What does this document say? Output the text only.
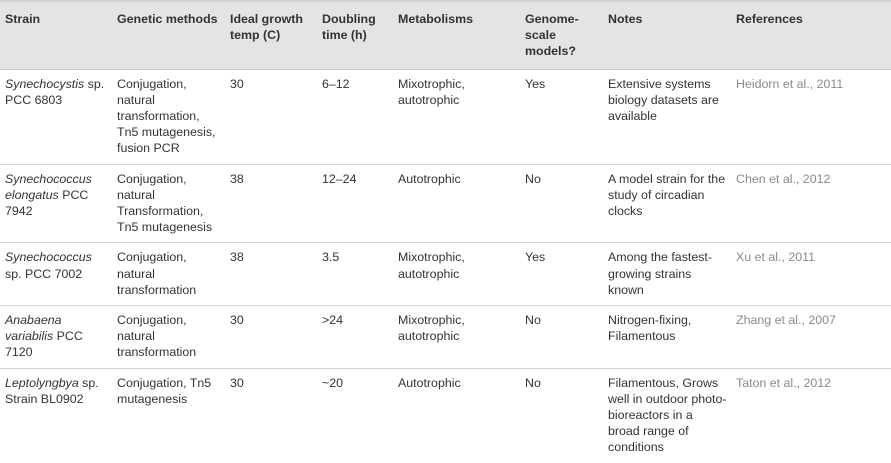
Strain	Genetic methods	Ideal growth temp (C)	Doubling time (h)	Metabolisms	Genome-scale models?	Notes	References
Synechocystis sp. PCC 6803	Conjugation, natural transformation, Tn5 mutagenesis, fusion PCR	30	6–12	Mixotrophic, autotrophic	Yes	Extensive systems biology datasets are available	Heidorn et al., 2011
Synechococcus elongatus PCC 7942	Conjugation, natural Transformation, Tn5 mutagenesis	38	12–24	Autotrophic	No	A model strain for the study of circadian clocks	Chen et al., 2012
Synechococcus sp. PCC 7002	Conjugation, natural transformation	38	3.5	Mixotrophic, autotrophic	Yes	Among the fastest-growing strains known	Xu et al., 2011
Anabaena variabilis PCC 7120	Conjugation, natural transformation	30	>24	Mixotrophic, autotrophic	No	Nitrogen-fixing, Filamentous	Zhang et al., 2007
Leptolyngbya sp. Strain BL0902	Conjugation, Tn5 mutagenesis	30	~20	Autotrophic	No	Filamentous, Grows well in outdoor photo-bioreactors in a broad range of conditions	Taton et al., 2012
